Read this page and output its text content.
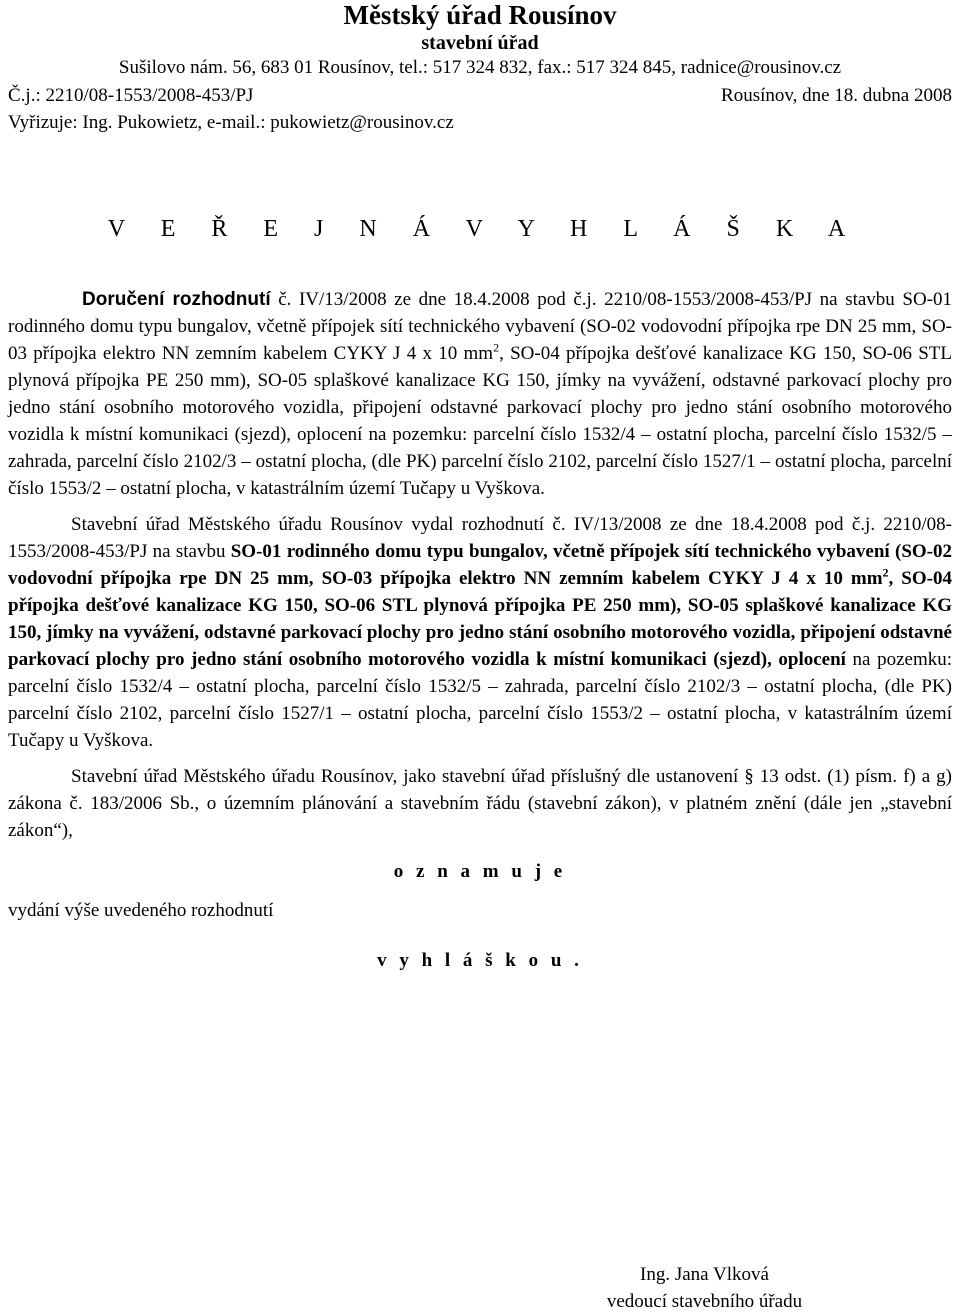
Městský úřad Rousínov
stavební úřad
Sušilovo nám. 56, 683 01 Rousínov, tel.: 517 324 832, fax.: 517 324 845, radnice@rousinov.cz
Č.j.: 2210/08-1553/2008-453/PJ	Rousínov, dne 18. dubna 2008
Vyřizuje: Ing. Pukowietz, e-mail.: pukowietz@rousinov.cz
V E Ř E J N Á V Y H L Á Š K A
Doručení rozhodnutí č. IV/13/2008 ze dne 18.4.2008 pod č.j. 2210/08-1553/2008-453/PJ na stavbu SO-01 rodinného domu typu bungalov, včetně přípojek sítí technického vybavení (SO-02 vodovodní přípojka rpe DN 25 mm, SO-03 přípojka elektro NN zemním kabelem CYKY J 4 x 10 $mm^2$, SO-04 přípojka dešťové kanalizace KG 150, SO-06 STL plynová přípojka PE 250 mm), SO-05 splaškové kanalizace KG 150, jímky na vyvážení, odstavné parkovací plochy pro jedno stání osobního motorového vozidla, připojení odstavné parkovací plochy pro jedno stání osobního motorového vozidla k místní komunikaci (sjezd), oplocení na pozemku: parcelní číslo 1532/4 – ostatní plocha, parcelní číslo 1532/5 – zahrada, parcelní číslo 2102/3 – ostatní plocha, (dle PK) parcelní číslo 2102, parcelní číslo 1527/1 – ostatní plocha, parcelní číslo 1553/2 – ostatní plocha, v katastrálním území Tučapy u Vyškova.
Stavební úřad Městského úřadu Rousínov vydal rozhodnutí č. IV/13/2008 ze dne 18.4.2008 pod č.j. 2210/08-1553/2008-453/PJ na stavbu SO-01 rodinného domu typu bungalov, včetně přípojek sítí technického vybavení (SO-02 vodovodní přípojka rpe DN 25 mm, SO-03 přípojka elektro NN zemním kabelem CYKY J 4 x 10 $mm^2$, SO-04 přípojka dešťové kanalizace KG 150, SO-06 STL plynová přípojka PE 250 mm), SO-05 splaškové kanalizace KG 150, jímky na vyvážení, odstavné parkovací plochy pro jedno stání osobního motorového vozidla, připojení odstavné parkovací plochy pro jedno stání osobního motorového vozidla k místní komunikaci (sjezd), oplocení na pozemku: parcelní číslo 1532/4 – ostatní plocha, parcelní číslo 1532/5 – zahrada, parcelní číslo 2102/3 – ostatní plocha, (dle PK) parcelní číslo 2102, parcelní číslo 1527/1 – ostatní plocha, parcelní číslo 1553/2 – ostatní plocha, v katastrálním území Tučapy u Vyškova.
Stavební úřad Městského úřadu Rousínov, jako stavební úřad příslušný dle ustanovení § 13 odst. (1) písm. f) a g) zákona č. 183/2006 Sb., o územním plánování a stavebním řádu (stavební zákon), v platném znění (dále jen „stavební zákon“),
o z n a m u j e
vydání výše uvedeného rozhodnutí
v y h l á š k o u .
Ing. Jana Vlková
vedoucí stavebního úřadu
